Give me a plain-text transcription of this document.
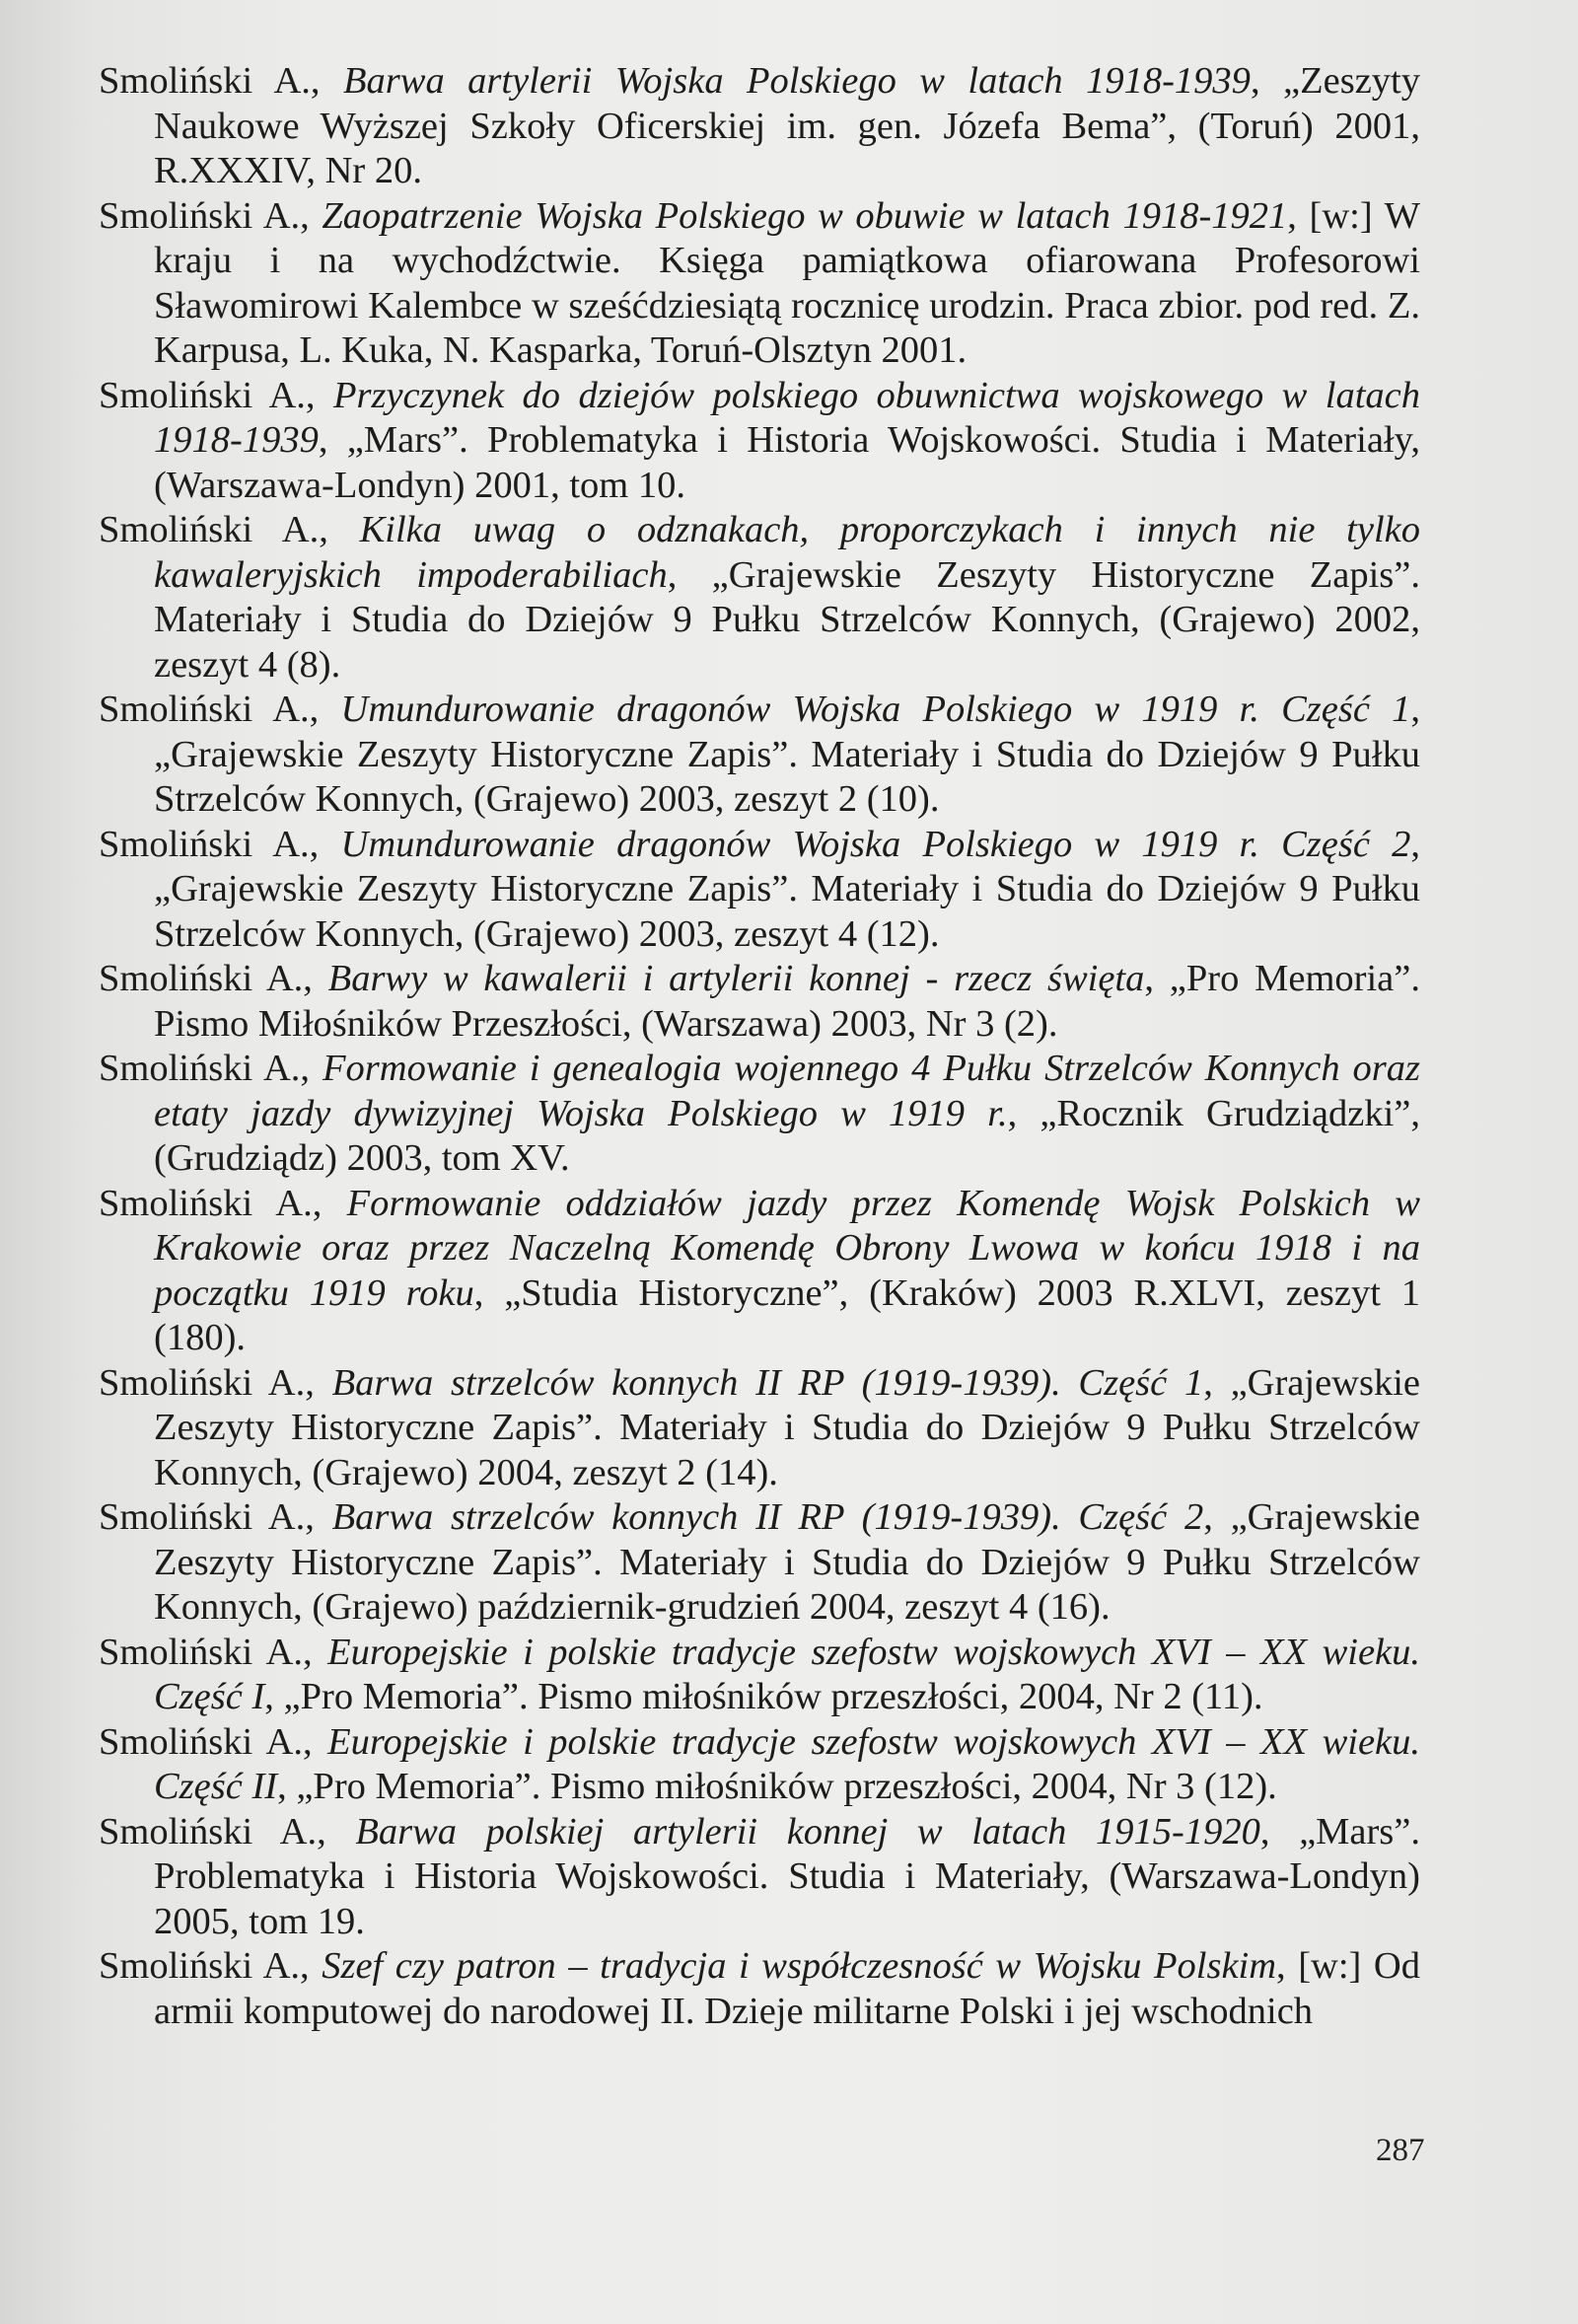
Smoliński A., Barwa artylerii Wojska Polskiego w latach 1918-1939, „Zeszyty Naukowe Wyższej Szkoły Oficerskiej im. gen. Józefa Bema”, (Toruń) 2001, R.XXXIV, Nr 20.

Smoliński A., Zaopatrzenie Wojska Polskiego w obuwie w latach 1918-1921, [w:] W kraju i na wychodźctwie. Księga pamiątkowa ofiarowana Profesorowi Sławomirowi Kalembce w sześćdziesiątą rocznicę urodzin. Praca zbior. pod red. Z. Karpusa, L. Kuka, N. Kasparka, Toruń-Olsztyn 2001.

Smoliński A., Przyczynek do dziejów polskiego obuwnictwa wojskowego w latach 1918-1939, „Mars”. Problematyka i Historia Wojskowości. Studia i Materiały, (Warszawa-Londyn) 2001, tom 10.

Smoliński A., Kilka uwag o odznakach, proporczykach i innych nie tylko kawaleryjskich impoderabiliach, „Grajewskie Zeszyty Historyczne Zapis”. Materiały i Studia do Dziejów 9 Pułku Strzelców Konnych, (Grajewo) 2002, zeszyt 4 (8).

Smoliński A., Umundurowanie dragonów Wojska Polskiego w 1919 r. Część 1, „Grajewskie Zeszyty Historyczne Zapis”. Materiały i Studia do Dziejów 9 Pułku Strzelców Konnych, (Grajewo) 2003, zeszyt 2 (10).

Smoliński A., Umundurowanie dragonów Wojska Polskiego w 1919 r. Część 2, „Grajewskie Zeszyty Historyczne Zapis”. Materiały i Studia do Dziejów 9 Pułku Strzelców Konnych, (Grajewo) 2003, zeszyt 4 (12).

Smoliński A., Barwy w kawalerii i artylerii konnej - rzecz święta, „Pro Memoria”. Pismo Miłośników Przeszłości, (Warszawa) 2003, Nr 3 (2).

Smoliński A., Formowanie i genealogia wojennego 4 Pułku Strzelców Konnych oraz etaty jazdy dywizyjnej Wojska Polskiego w 1919 r., „Rocznik Grudziądzki”, (Grudziądz) 2003, tom XV.

Smoliński A., Formowanie oddziałów jazdy przez Komendę Wojsk Polskich w Krakowie oraz przez Naczelną Komendę Obrony Lwowa w końcu 1918 i na początku 1919 roku, „Studia Historyczne”, (Kraków) 2003 R.XLVI, zeszyt 1 (180).

Smoliński A., Barwa strzelców konnych II RP (1919-1939). Część 1, „Grajewskie Zeszyty Historyczne Zapis”. Materiały i Studia do Dziejów 9 Pułku Strzelców Konnych, (Grajewo) 2004, zeszyt 2 (14).

Smoliński A., Barwa strzelców konnych II RP (1919-1939). Część 2, „Grajewskie Zeszyty Historyczne Zapis”. Materiały i Studia do Dziejów 9 Pułku Strzelców Konnych, (Grajewo) październik-grudzień 2004, zeszyt 4 (16).

Smoliński A., Europejskie i polskie tradycje szefostw wojskowych XVI – XX wieku. Część I, „Pro Memoria”. Pismo miłośników przeszłości, 2004, Nr 2 (11).

Smoliński A., Europejskie i polskie tradycje szefostw wojskowych XVI – XX wieku. Część II, „Pro Memoria”. Pismo miłośników przeszłości, 2004, Nr 3 (12).

Smoliński A., Barwa polskiej artylerii konnej w latach 1915-1920, „Mars”. Problematyka i Historia Wojskowości. Studia i Materiały, (Warszawa-Londyn) 2005, tom 19.

Smoliński A., Szef czy patron – tradycja i współczesność w Wojsku Polskim, [w:] Od armii komputowej do narodowej II. Dzieje militarne Polski i jej wschodnich

287
